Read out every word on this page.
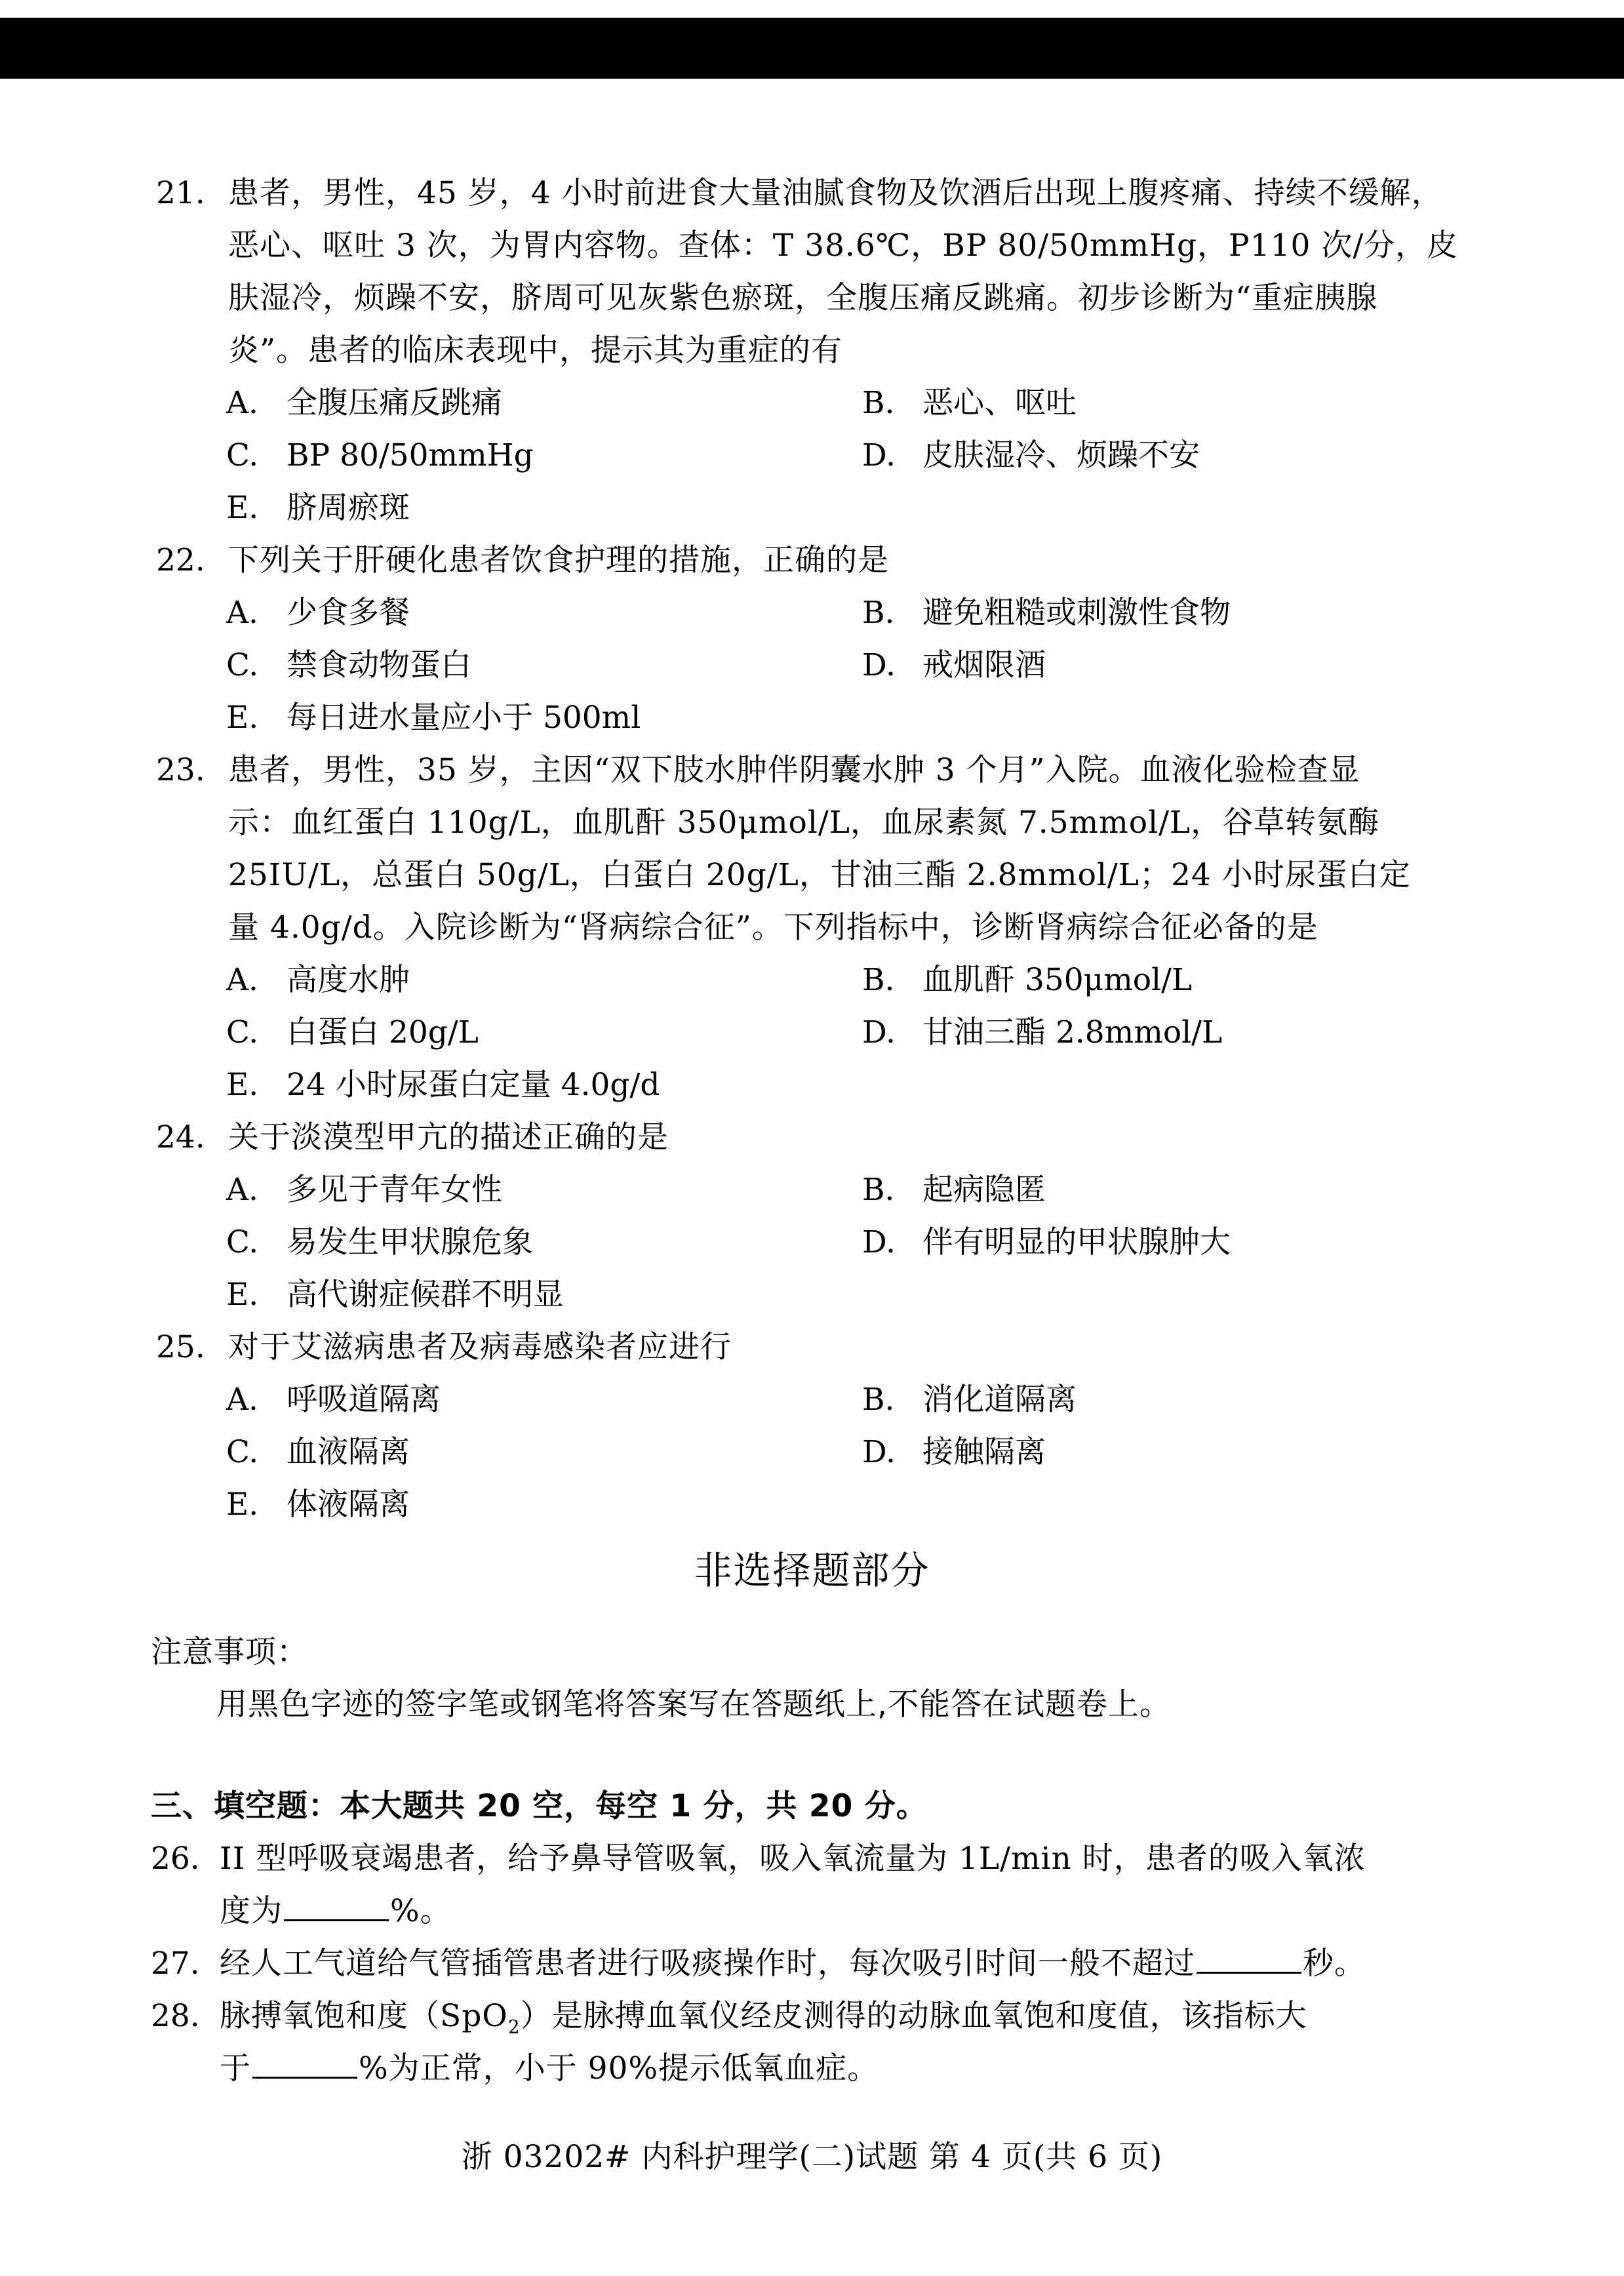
21. 患者，男性，45 岁，4 小时前进食大量油腻食物及饮酒后出现上腹疼痛、持续不缓解，
恶心、呕吐 3 次，为胃内容物。查体：T 38.6℃，BP 80/50mmHg，P110 次/分，皮
肤湿冷，烦躁不安，脐周可见灰紫色瘀斑，全腹压痛反跳痛。初步诊断为“重症胰腺
炎”。患者的临床表现中，提示其为重症的有
A. 全腹压痛反跳痛	B. 恶心、呕吐
C. BP 80/50mmHg	D. 皮肤湿冷、烦躁不安
E. 脐周瘀斑
22. 下列关于肝硬化患者饮食护理的措施，正确的是
A. 少食多餐	B. 避免粗糙或刺激性食物
C. 禁食动物蛋白	D. 戒烟限酒
E. 每日进水量应小于 500ml
23. 患者，男性，35 岁，主因“双下肢水肿伴阴囊水肿 3 个月”入院。血液化验检查显
示：血红蛋白 110g/L，血肌酐 350μmol/L，血尿素氮 7.5mmol/L，谷草转氨酶
25IU/L，总蛋白 50g/L，白蛋白 20g/L，甘油三酯 2.8mmol/L；24 小时尿蛋白定
量 4.0g/d。入院诊断为“肾病综合征”。下列指标中，诊断肾病综合征必备的是
A. 高度水肿	B. 血肌酐 350μmol/L
C. 白蛋白 20g/L	D. 甘油三酯 2.8mmol/L
E. 24 小时尿蛋白定量 4.0g/d
24. 关于淡漠型甲亢的描述正确的是
A. 多见于青年女性	B. 起病隐匿
C. 易发生甲状腺危象	D. 伴有明显的甲状腺肿大
E. 高代谢症候群不明显
25. 对于艾滋病患者及病毒感染者应进行
A. 呼吸道隔离	B. 消化道隔离
C. 血液隔离	D. 接触隔离
E. 体液隔离
非选择题部分
注意事项：
用黑色字迹的签字笔或钢笔将答案写在答题纸上,不能答在试题卷上。
三、填空题：本大题共 20 空，每空 1 分，共 20 分。
26. II 型呼吸衰竭患者，给予鼻导管吸氧，吸入氧流量为 1L/min 时，患者的吸入氧浓
度为	%。
27. 经人工气道给气管插管患者进行吸痰操作时，每次吸引时间一般不超过	秒。
28. 脉搏氧饱和度（SpO$_2$）是脉搏血氧仪经皮测得的动脉血氧饱和度值，该指标大
于	%为正常，小于 90%提示低氧血症。
浙 03202# 内科护理学(二)试题 第 4 页(共 6 页)
